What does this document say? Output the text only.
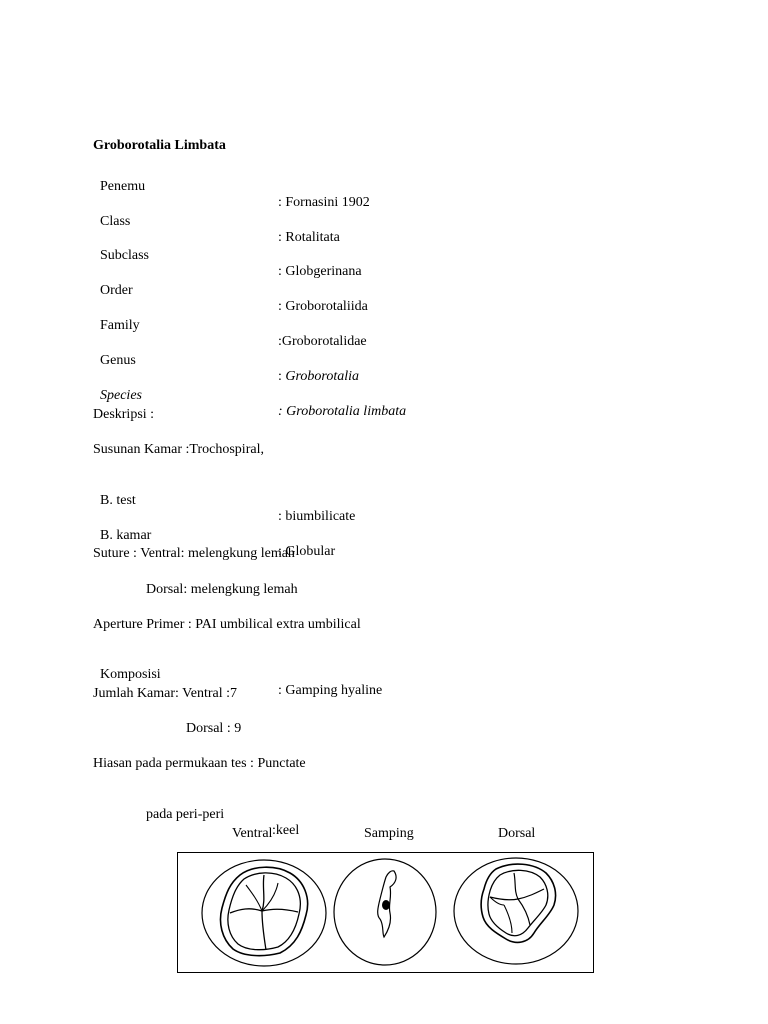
Groborotalia Limbata

Penemu

: Fornasini 1902

Class

: Rotalitata

Subclass

: Globgerinana

Order

: Groborotaliida

Family

:Groborotalidae

Genus

: Groborotalia

Species

: Groborotalia limbata

Deskripsi :
Susunan Kamar :Trochospiral,

B. test

: biumbilicate

B. kamar

: Globular

Suture : Ventral: melengkung lemah
Dorsal: melengkung lemah
Aperture Primer : PAI umbilical extra umbilical

Komposisi

: Gamping hyaline

Jumlah Kamar: Ventral :7
Dorsal : 9
Hiasan pada permukaan tes : Punctate

pada peri-peri

:keel

Ventral	Samping	Dorsal
